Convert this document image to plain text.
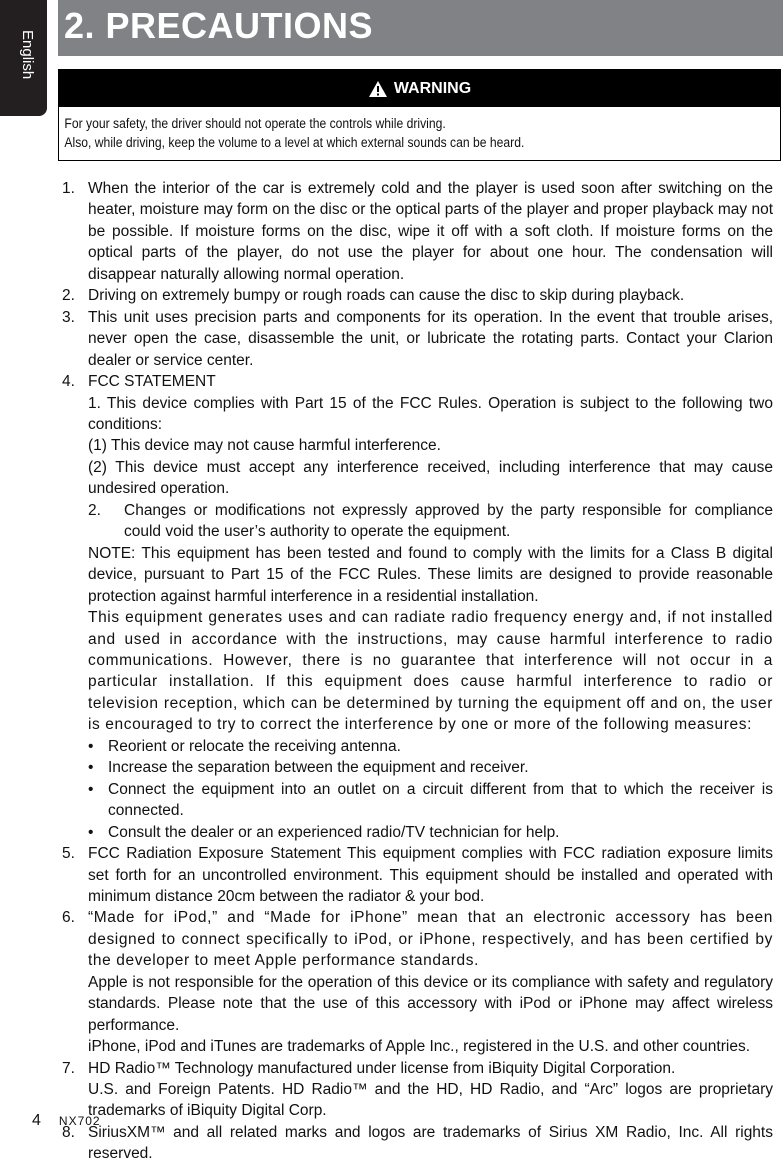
English
2. PRECAUTIONS
WARNING
For your safety, the driver should not operate the controls while driving.
Also, while driving, keep the volume to a level at which external sounds can be heard.
1. When the interior of the car is extremely cold and the player is used soon after switching on the heater, moisture may form on the disc or the optical parts of the player and proper playback may not be possible. If moisture forms on the disc, wipe it off with a soft cloth. If moisture forms on the optical parts of the player, do not use the player for about one hour. The condensation will disappear naturally allowing normal operation.

2. Driving on extremely bumpy or rough roads can cause the disc to skip during playback.

3. This unit uses precision parts and components for its operation. In the event that trouble arises, never open the case, disassemble the unit, or lubricate the rotating parts. Contact your Clarion dealer or service center.

4. FCC STATEMENT

1. This device complies with Part 15 of the FCC Rules. Operation is subject to the following two conditions:

(1) This device may not cause harmful interference.

(2) This device must accept any interference received, including interference that may cause undesired operation.

2. Changes or modifications not expressly approved by the party responsible for compliance could void the user’s authority to operate the equipment.

NOTE: This equipment has been tested and found to comply with the limits for a Class B digital device, pursuant to Part 15 of the FCC Rules. These limits are designed to provide reasonable protection against harmful interference in a residential installation.

This equipment generates uses and can radiate radio frequency energy and, if not installed and used in accordance with the instructions, may cause harmful interference to radio communications. However, there is no guarantee that interference will not occur in a particular installation. If this equipment does cause harmful interference to radio or television reception, which can be determined by turning the equipment off and on, the user is encouraged to try to correct the interference by one or more of the following measures:

• Reorient or relocate the receiving antenna.
• Increase the separation between the equipment and receiver.
• Connect the equipment into an outlet on a circuit different from that to which the receiver is connected.
• Consult the dealer or an experienced radio/TV technician for help.
5. FCC Radiation Exposure Statement This equipment complies with FCC radiation exposure limits set forth for an uncontrolled environment. This equipment should be installed and operated with minimum distance 20cm between the radiator & your bod.

6. “Made for iPod,” and “Made for iPhone” mean that an electronic accessory has been designed to connect specifically to iPod, or iPhone, respectively, and has been certified by the developer to meet Apple performance standards.

Apple is not responsible for the operation of this device or its compliance with safety and regulatory standards. Please note that the use of this accessory with iPod or iPhone may affect wireless performance.

iPhone, iPod and iTunes are trademarks of Apple Inc., registered in the U.S. and other countries.

7. HD Radio™ Technology manufactured under license from iBiquity Digital Corporation.

U.S. and Foreign Patents. HD Radio™ and the HD, HD Radio, and “Arc” logos are proprietary trademarks of iBiquity Digital Corp.

8. SiriusXM™ and all related marks and logos are trademarks of Sirius XM Radio, Inc. All rights reserved.

4 NX702
